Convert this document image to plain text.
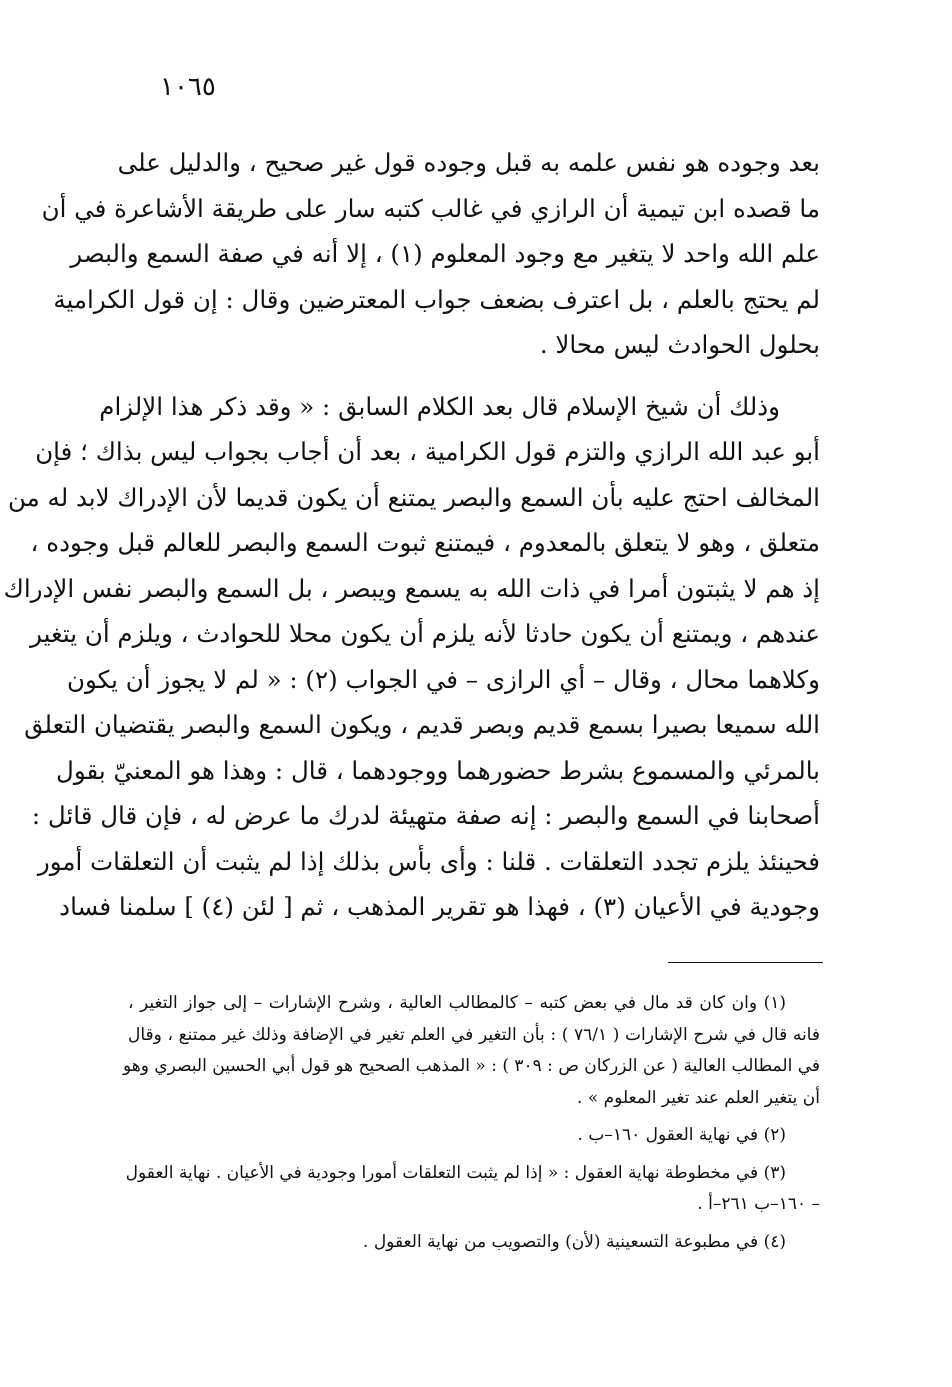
١٠٦٥
بعد وجوده هو نفس علمه به قبل وجوده قول غير صحيح ، والدليل على
ما قصده ابن تيمية أن الرازي في غالب كتبه سار على طريقة الأشاعرة في أن
علم الله واحد لا يتغير مع وجود المعلوم (١) ، إلا أنه في صفة السمع والبصر
لم يحتج بالعلم ، بل اعترف بضعف جواب المعترضين وقال : إن قول الكرامية
بحلول الحوادث ليس محالا .
وذلك أن شيخ الإسلام قال بعد الكلام السابق : « وقد ذكر هذا الإلزام
أبو عبد الله الرازي والتزم قول الكرامية ، بعد أن أجاب بجواب ليس بذاك ؛ فإن
المخالف احتج عليه بأن السمع والبصر يمتنع أن يكون قديما لأن الإدراك لابد له من
متعلق ، وهو لا يتعلق بالمعدوم ، فيمتنع ثبوت السمع والبصر للعالم قبل وجوده ،
إذ هم لا يثبتون أمرا في ذات الله به يسمع ويبصر ، بل السمع والبصر نفس الإدراك
عندهم ، ويمتنع أن يكون حادثا لأنه يلزم أن يكون محلا للحوادث ، ويلزم أن يتغير
وكلاهما محال ، وقال – أي الرازى – في الجواب (٢) : « لم لا يجوز أن يكون
الله سميعا بصيرا بسمع قديم وبصر قديم ، ويكون السمع والبصر يقتضيان التعلق
بالمرئي والمسموع بشرط حضورهما ووجودهما ، قال : وهذا هو المعنيّ بقول
أصحابنا في السمع والبصر : إنه صفة متهيئة لدرك ما عرض له ، فإن قال قائل :
فحينئذ يلزم تجدد التعلقات . قلنا : وأى بأس بذلك إذا لم يثبت أن التعلقات أمور
وجودية في الأعيان (٣) ، فهذا هو تقرير المذهب ، ثم [ لئن (٤) ] سلمنا فساد
(١) وان كان قد مال في بعض كتبه – كالمطالب العالية ، وشرح الإشارات – إلى جواز التغير ،
فانه قال في شرح الإشارات ( ٧٦/١ ) : بأن التغير في العلم تغير في الإضافة وذلك غير ممتنع ، وقال
في المطالب العالية ( عن الزركان ص : ٣٠٩ ) : « المذهب الصحيح هو قول أبي الحسين البصري وهو
أن يتغير العلم عند تغير المعلوم » .
(٢) في نهاية العقول ١٦٠–ب .
(٣) في مخطوطة نهاية العقول : « إذا لم يثبت التعلقات أمورا وجودية في الأعيان . نهاية العقول
– ١٦٠–ب ٢٦١–أ .
(٤) في مطبوعة التسعينية (لأن) والتصويب من نهاية العقول .
